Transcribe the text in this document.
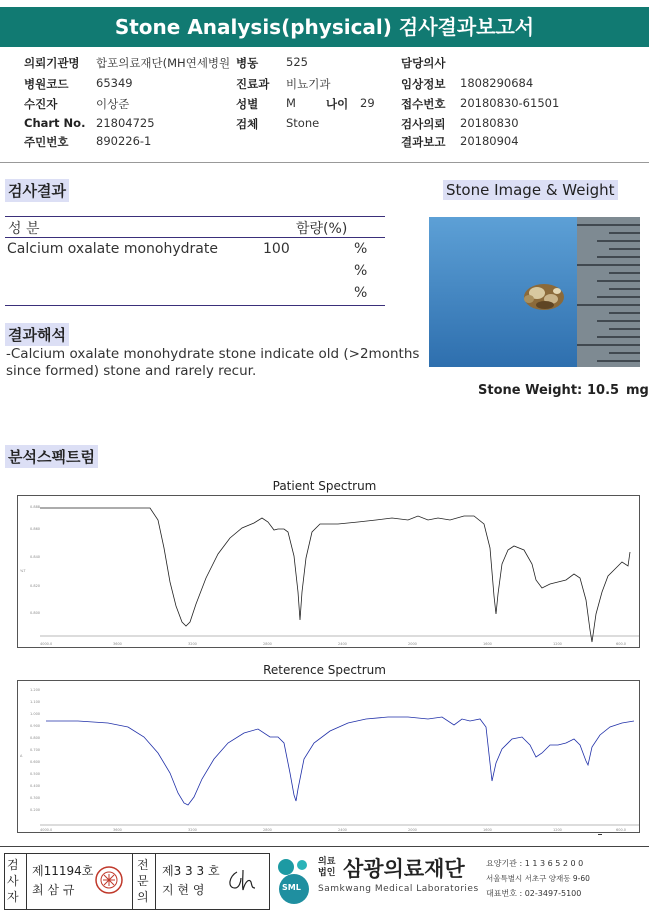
Stone Analysis(physical) 검사결과보고서
의뢰기관명 합포의료재단(MH연세병원 병동 525	담당의사
병원코드 65349	진료과 비뇨기과	임상정보 1808290684
수진자	이상준	성별 M	나이 29 접수번호 20180830-61501
Chart No. 21804725	검체 Stone	검사의뢰 20180830
주민번호 890226-1	결과보고 20180904
검사결과
성 분	함량(%)
Calcium oxalate monohydrate	100	%
%
%
Stone Image & Weight
Stone Weight: 10.5 mg
결과해석
-Calcium oxalate monohydrate stone indicate old (>2months
since formed) stone and rarely recur.
분석스펙트럼
Patient Spectrum
0.888
0.860
0.840
0.820
0.800
%T
4000.0	3600	3200	2800	2400	2000	1600	1200	600.0
Reterence Spectrum
1.200
1.100
1.000
0.900
0.800
0.700
0.600
0.500
0.400
0.300
0.200
A
4000.0	3600	3200	2800	2400	2000	1600	1200	600.0
검사자
제11194호
최 삼 규
전문의
제3 3 3 호
지 현 영	SML
의료법인 삼광의료재단
Samkwang Medical Laboratories
요양기관 : 1 1 3 6 5 2 0 0
서울특별시 서초구 양재동 9-60
대표번호 : 02-3497-5100
